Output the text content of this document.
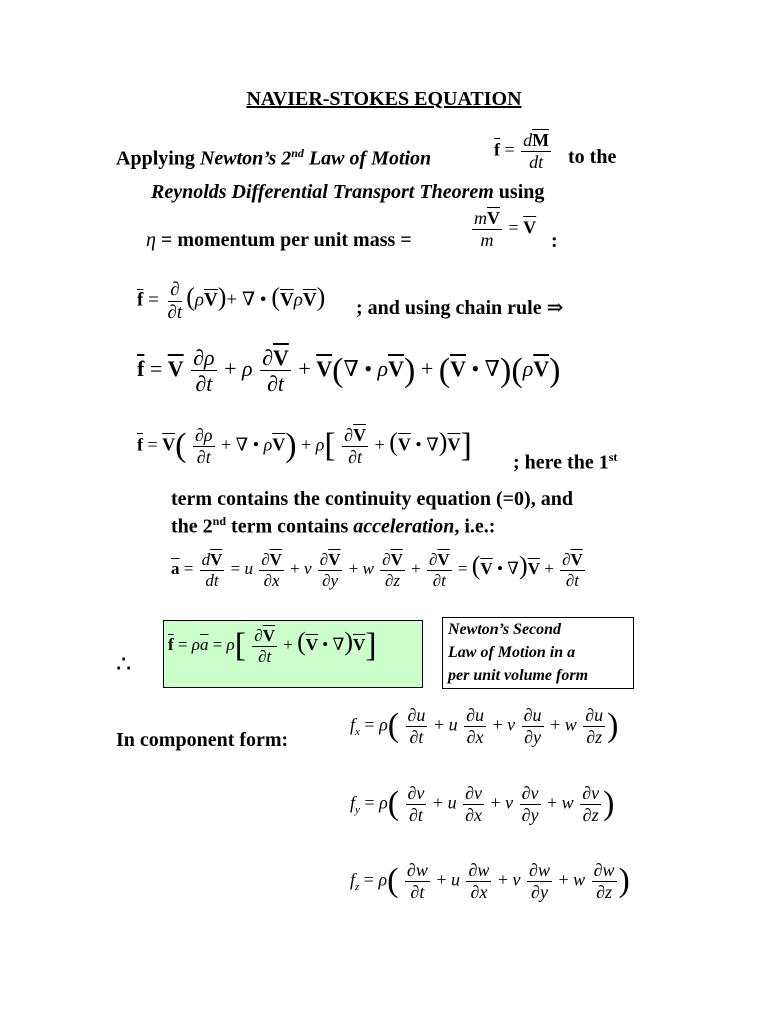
NAVIER-STOKES EQUATION
Applying Newton’s 2nd Law of Motion	$\overline{f} = \frac{d\overline{M}}{dt}$ to the
Reynolds Differential Transport Theorem using
η = momentum per unit mass =	$\frac{m\overline{V}}{m} = \overline{V}$
:
$\overline{f} = \frac{\partial}{\partial t} (\rho\overline{V})+$ ∇ • $(\overline{V}\rho\overline{V})$ ; and using chain rule ⇒
$\overline{f} = \overline{V} \frac{\partial\rho}{\partial t} + \rho \frac{\partial\overline{V}}{\partial t} + \overline{V}(\nabla$ • $\rho\overline{V}) + (\overline{V}$ • $\nabla)(\rho\overline{V})$
$\overline{f} = \overline{V}( \frac{\partial\rho}{\partial t}$ + ∇ • $\rho\overline{V}) + \rho[ \frac{\partial\overline{V}}{\partial t} + (\overline{V}$ • $\nabla)\overline{V}$] ; here the 1st
term contains the continuity equation (=0), and
the 2nd term contains acceleration, i.e.:
$\overline{a} = \frac{d\overline{V}}{dt} = u \frac{\partial\overline{V}}{\partial x} + v \frac{\partial\overline{V}}{\partial y} + w \frac{\partial\overline{V}}{\partial z} + \frac{\partial\overline{V}}{\partial t} = (\overline{V}$ • $\nabla)\overline{V} + \frac{\partial\overline{V}}{\partial t}$
∴
$\overline{f} = \rho\overline{a} = \rho[ \frac{\partial\overline{V}}{\partial t} + (\overline{V}$ • $\nabla)\overline{V}$]	Newton’s Second
Law of Motion in a
per unit volume form
In component form:
$f_x = \rho( \frac{\partial u}{\partial t} + u \frac{\partial u}{\partial x} + v \frac{\partial u}{\partial y} + w \frac{\partial u}{\partial z}$ )
$f_y = \rho( \frac{\partial v}{\partial t} + u \frac{\partial v}{\partial x} + v \frac{\partial v}{\partial y} + w \frac{\partial v}{\partial z}$ )
$f_z = \rho( \frac{\partial w}{\partial t} + u \frac{\partial w}{\partial x} + v \frac{\partial w}{\partial y} + w \frac{\partial w}{\partial z}$ )
